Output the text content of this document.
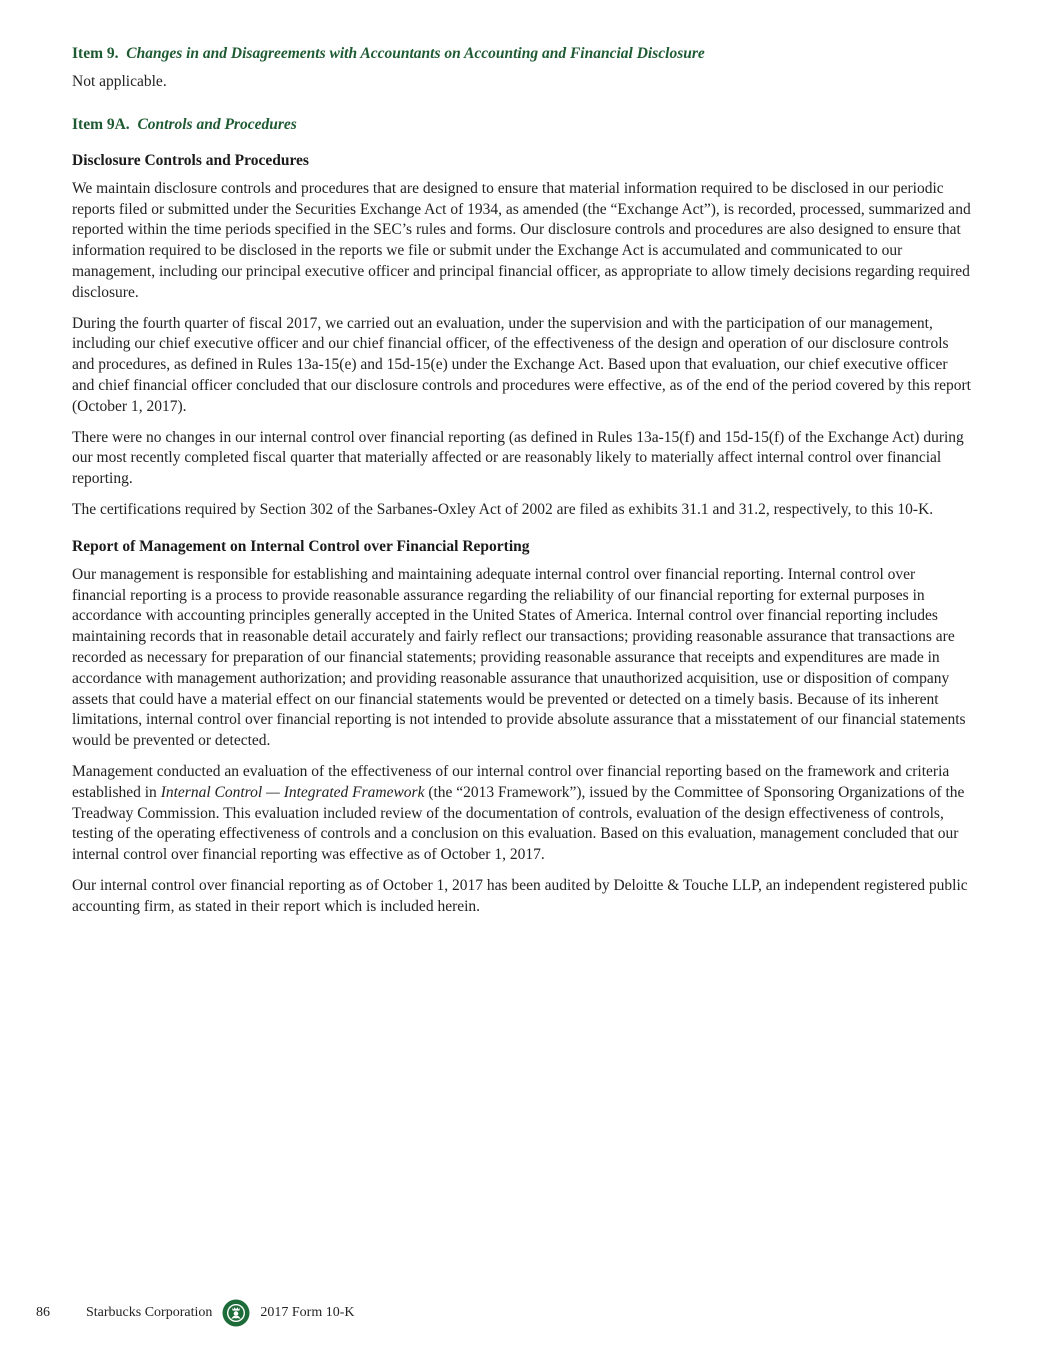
Item 9. Changes in and Disagreements with Accountants on Accounting and Financial Disclosure

Not applicable.

Item 9A. Controls and Procedures
Disclosure Controls and Procedures

We maintain disclosure controls and procedures that are designed to ensure that material information required to be disclosed in our periodic reports filed or submitted under the Securities Exchange Act of 1934, as amended (the “Exchange Act”), is recorded, processed, summarized and reported within the time periods specified in the SEC’s rules and forms. Our disclosure controls and procedures are also designed to ensure that information required to be disclosed in the reports we file or submit under the Exchange Act is accumulated and communicated to our management, including our principal executive officer and principal financial officer, as appropriate to allow timely decisions regarding required disclosure.

During the fourth quarter of fiscal 2017, we carried out an evaluation, under the supervision and with the participation of our management, including our chief executive officer and our chief financial officer, of the effectiveness of the design and operation of our disclosure controls and procedures, as defined in Rules 13a-15(e) and 15d-15(e) under the Exchange Act. Based upon that evaluation, our chief executive officer and chief financial officer concluded that our disclosure controls and procedures were effective, as of the end of the period covered by this report (October 1, 2017).

There were no changes in our internal control over financial reporting (as defined in Rules 13a-15(f) and 15d-15(f) of the Exchange Act) during our most recently completed fiscal quarter that materially affected or are reasonably likely to materially affect internal control over financial reporting.

The certifications required by Section 302 of the Sarbanes-Oxley Act of 2002 are filed as exhibits 31.1 and 31.2, respectively, to this 10-K.

Report of Management on Internal Control over Financial Reporting

Our management is responsible for establishing and maintaining adequate internal control over financial reporting. Internal control over financial reporting is a process to provide reasonable assurance regarding the reliability of our financial reporting for external purposes in accordance with accounting principles generally accepted in the United States of America. Internal control over financial reporting includes maintaining records that in reasonable detail accurately and fairly reflect our transactions; providing reasonable assurance that transactions are recorded as necessary for preparation of our financial statements; providing reasonable assurance that receipts and expenditures are made in accordance with management authorization; and providing reasonable assurance that unauthorized acquisition, use or disposition of company assets that could have a material effect on our financial statements would be prevented or detected on a timely basis. Because of its inherent limitations, internal control over financial reporting is not intended to provide absolute assurance that a misstatement of our financial statements would be prevented or detected.

Management conducted an evaluation of the effectiveness of our internal control over financial reporting based on the framework and criteria established in Internal Control — Integrated Framework (the “2013 Framework”), issued by the Committee of Sponsoring Organizations of the Treadway Commission. This evaluation included review of the documentation of controls, evaluation of the design effectiveness of controls, testing of the operating effectiveness of controls and a conclusion on this evaluation. Based on this evaluation, management concluded that our internal control over financial reporting was effective as of October 1, 2017.

Our internal control over financial reporting as of October 1, 2017 has been audited by Deloitte & Touche LLP, an independent registered public accounting firm, as stated in their report which is included herein.

86	Starbucks Corporation	2017 Form 10-K
